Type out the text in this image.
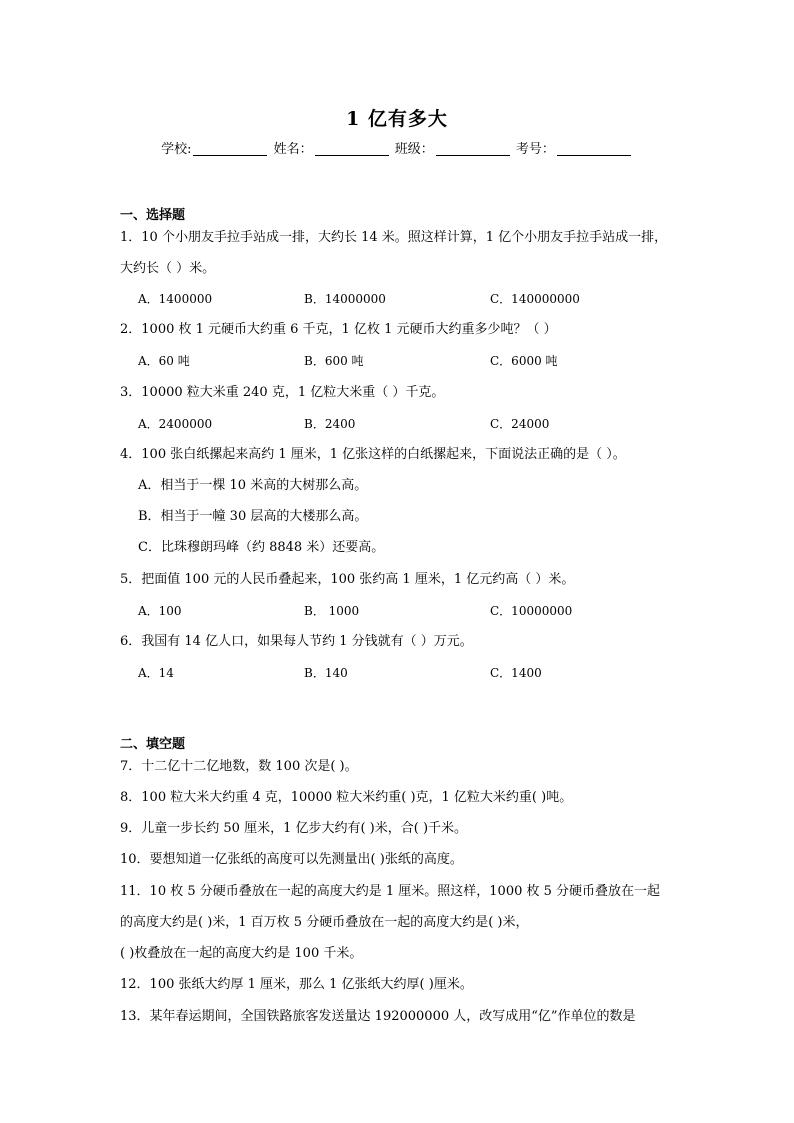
1 亿有多大
学校:	姓名：	班级：	考号：
一、选择题
1．10 个小朋友手拉手站成一排，大约长 14 米。照这样计算，1 亿个小朋友手拉手站成一排，
大约长（ ）米。
A．1400000	B．14000000	C．140000000
2．1000 枚 1 元硬币大约重 6 千克，1 亿枚 1 元硬币大约重多少吨？（ ）
A．60 吨	B．600 吨	C．6000 吨
3．10000 粒大米重 240 克，1 亿粒大米重（ ）千克。
A．2400000	B．2400	C．24000
4．100 张白纸摞起来高约 1 厘米，1 亿张这样的白纸摞起来，下面说法正确的是（ ）。
A．相当于一棵 10 米高的大树那么高。
B．相当于一幢 30 层高的大楼那么高。
C．比珠穆朗玛峰（约 8848 米）还要高。
5．把面值 100 元的人民币叠起来，100 张约高 1 厘米，1 亿元约高（ ）米。
A．100	B． 1000	C．10000000
6．我国有 14 亿人口，如果每人节约 1 分钱就有（ ）万元。
A．14	B．140	C．1400
二、填空题
7．十二亿十二亿地数，数 100 次是( )。
8．100 粒大米大约重 4 克，10000 粒大米约重( )克，1 亿粒大米约重( )吨。
9．儿童一步长约 50 厘米，1 亿步大约有( )米，合( )千米。
10．要想知道一亿张纸的高度可以先测量出( )张纸的高度。
11．10 枚 5 分硬币叠放在一起的高度大约是 1 厘米。照这样，1000 枚 5 分硬币叠放在一起
的高度大约是( )米，1 百万枚 5 分硬币叠放在一起的高度大约是( )米，
( )枚叠放在一起的高度大约是 100 千米。
12．100 张纸大约厚 1 厘米，那么 1 亿张纸大约厚( )厘米。
13．某年春运期间，全国铁路旅客发送量达 192000000 人，改写成用“亿”作单位的数是
